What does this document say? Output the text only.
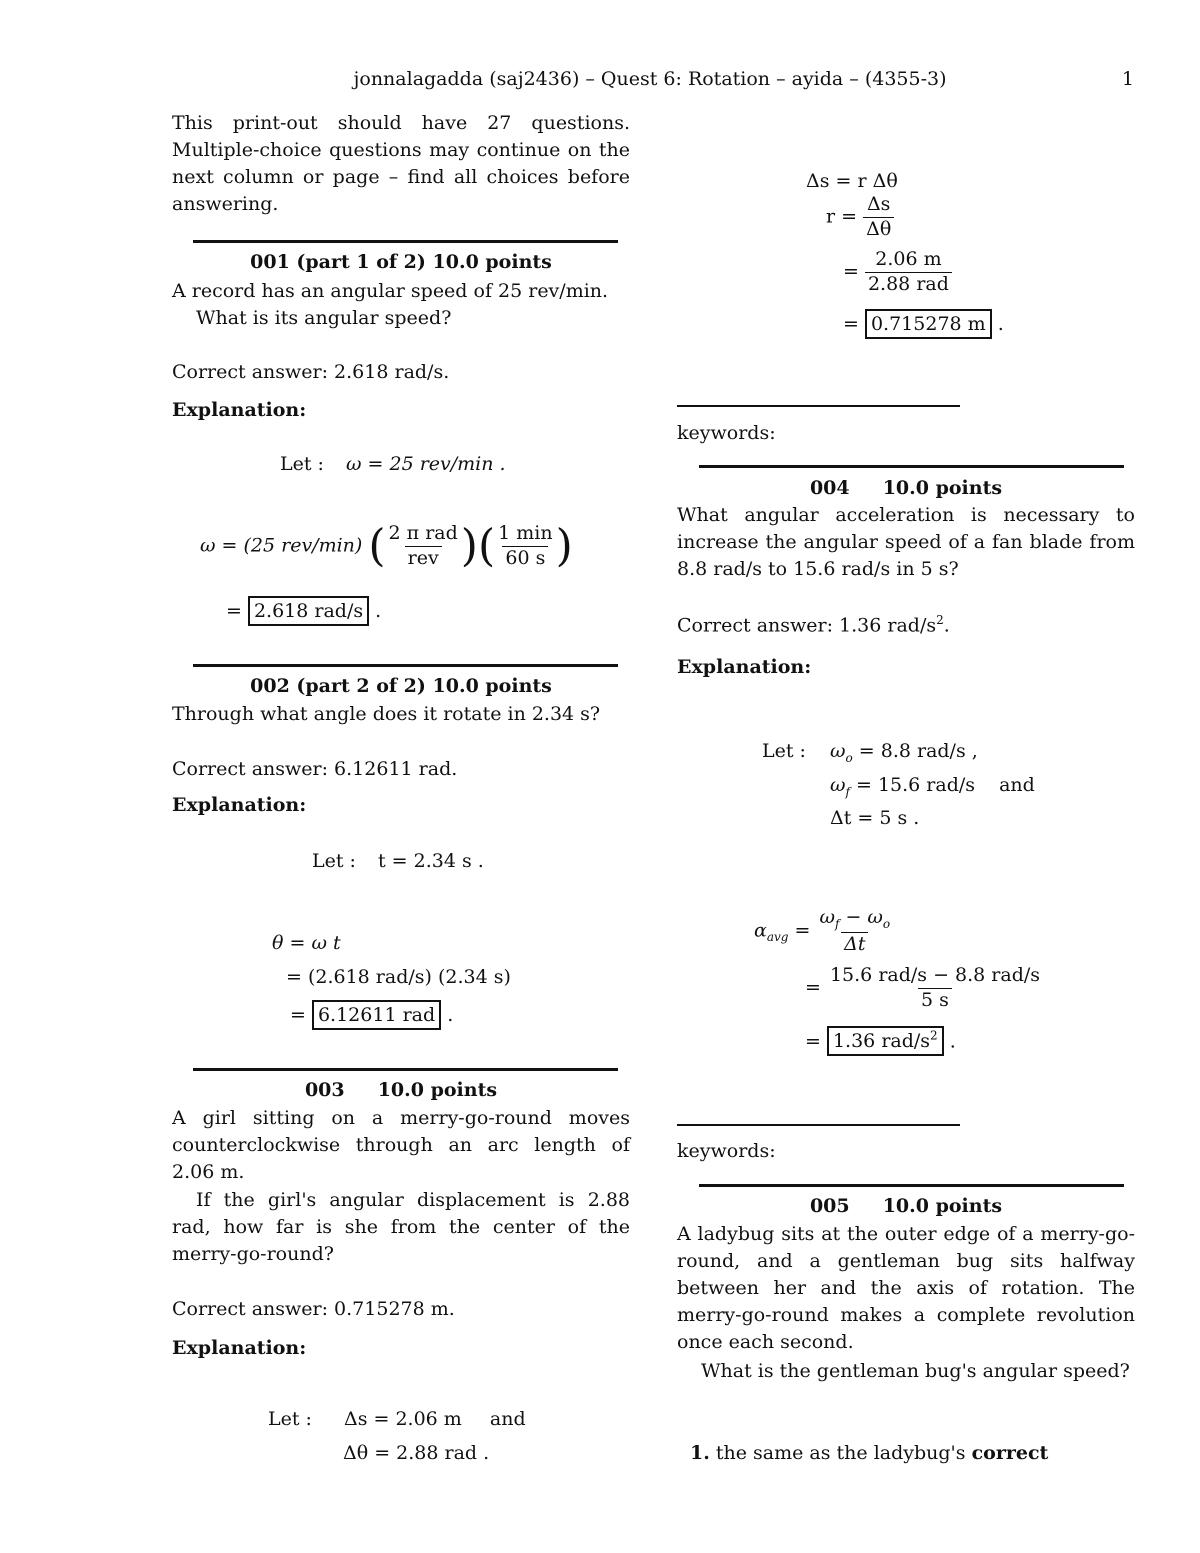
jonnalagadda (saj2436) – Quest 6: Rotation – ayida – (4355-3)	1
This print-out should have 27 questions. Multiple-choice questions may continue on the next column or page – find all choices before answering.
001 (part 1 of 2) 10.0 points
A record has an angular speed of 25 rev/min.
What is its angular speed?
Correct answer: 2.618 rad/s.
Explanation:
Let : ω = 25 rev/min .
ω = (25 rev/min) ( $\frac{\text{2 π rad}}{\text{rev}}$ )( $\frac{1 \min}{60 s}$ )
= 2.618 rad/s .
002 (part 2 of 2) 10.0 points
Through what angle does it rotate in 2.34 s?
Correct answer: 6.12611 rad.
Explanation:
Let : t = 2.34 s .
θ = ω t
= (2.618 rad/s) (2.34 s)
= 6.12611 rad .
003     10.0 points
A girl sitting on a merry-go-round moves counterclockwise through an arc length of 2.06 m.
If the girl's angular displacement is 2.88 rad, how far is she from the center of the merry-go-round?
Correct answer: 0.715278 m.
Explanation:
Let : Δs = 2.06 m and
Δθ = 2.88 rad .
Δs = r Δθ
$r = \frac{\Delta s}{\Delta\theta}$
= $\frac{2.06 m}{\text{2.88 rad}}$
= 0.715278 m .
keywords:
004     10.0 points
What angular acceleration is necessary to increase the angular speed of a fan blade from 8.8 rad/s to 15.6 rad/s in 5 s?
Correct answer: 1.36 rad/$s^2$.
Explanation:
Let : $\omega_o = 8.8$ rad/s ,
$\omega_f = 15.6$ rad/s and
Δt = 5 s .
$\alpha_{avg} = \frac{\omega_f - \omega_o}{\Delta t}$
= $\frac{\text{15.6 rad/s − 8.8 rad/s}}{5 s}$
= 1.36 rad/$s^2$ .
keywords:
005     10.0 points
A ladybug sits at the outer edge of a merry-go-round, and a gentleman bug sits halfway between her and the axis of rotation. The merry-go-round makes a complete revolution once each second.
What is the gentleman bug's angular speed?
1. the same as the ladybug's correct
